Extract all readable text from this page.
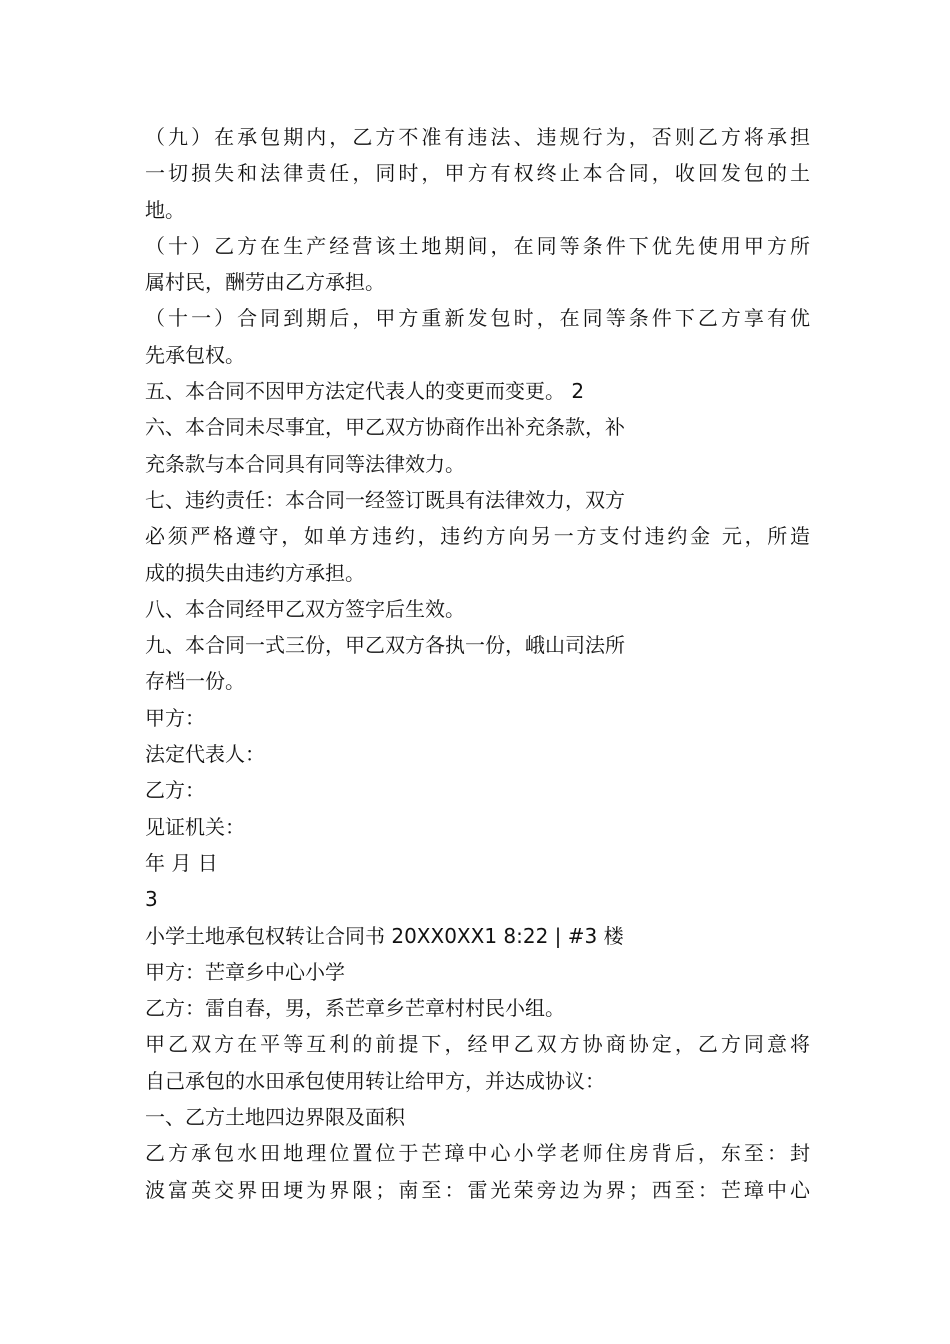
（九）在承包期内，乙方不准有违法、违规行为，否则乙方将承担
一切损失和法律责任，同时，甲方有权终止本合同，收回发包的土
地。
（十）乙方在生产经营该土地期间，在同等条件下优先使用甲方所
属村民，酬劳由乙方承担。
（十一）合同到期后，甲方重新发包时，在同等条件下乙方享有优
先承包权。
五、本合同不因甲方法定代表人的变更而变更。 2
六、本合同未尽事宜，甲乙双方协商作出补充条款，补
充条款与本合同具有同等法律效力。
七、违约责任：本合同一经签订既具有法律效力，双方
必须严格遵守，如单方违约，违约方向另一方支付违约金 元，所造
成的损失由违约方承担。
八、本合同经甲乙双方签字后生效。
九、本合同一式三份，甲乙双方各执一份，峨山司法所
存档一份。
甲方：
法定代表人：
乙方：
见证机关：
年 月 日
3
小学土地承包权转让合同书 20XX0XX1 8:22 | #3 楼
甲方：芒章乡中心小学
乙方：雷自春，男，系芒章乡芒章村村民小组。
甲乙双方在平等互利的前提下，经甲乙双方协商协定，乙方同意将
自己承包的水田承包使用转让给甲方，并达成协议：
一、乙方土地四边界限及面积
乙方承包水田地理位置位于芒璋中心小学老师住房背后，东至：封
波富英交界田埂为界限；南至：雷光荣旁边为界；西至：芒璋中心
